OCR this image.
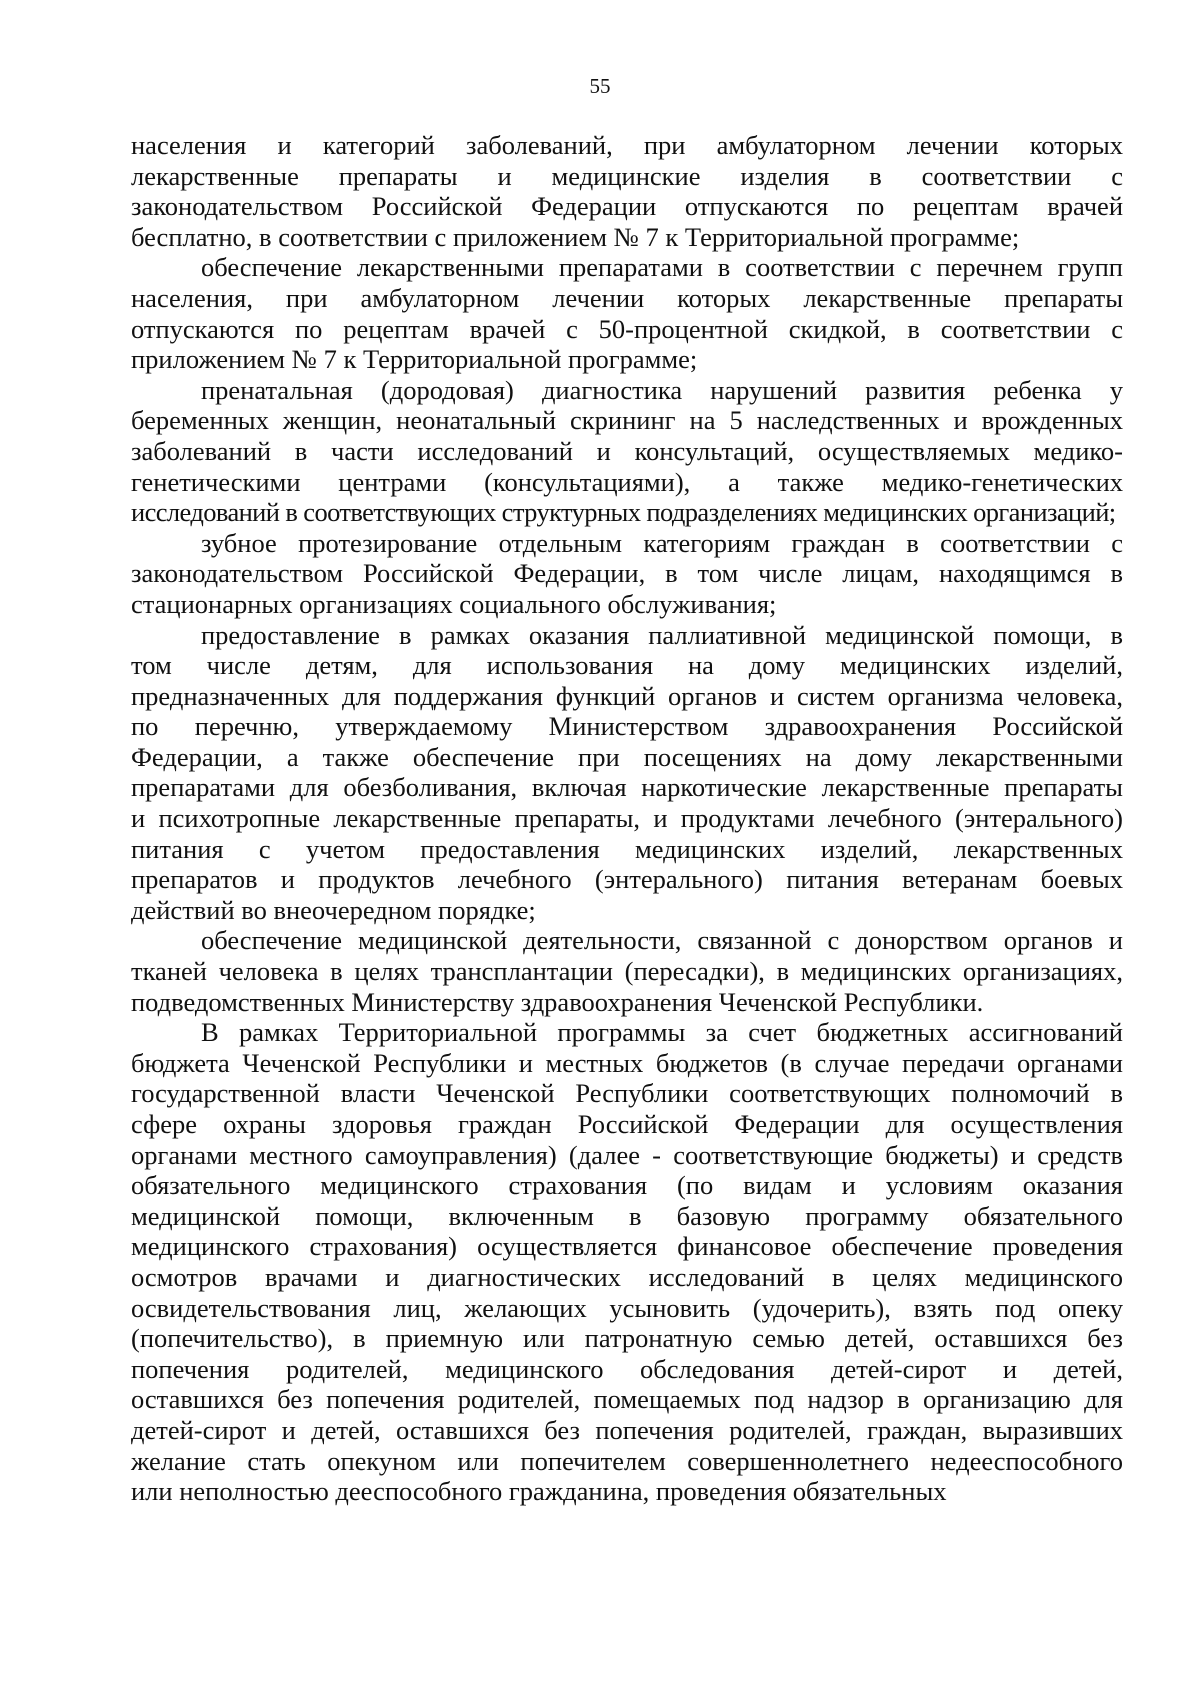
55
населения и категорий заболеваний, при амбулаторном лечении которых
лекарственные препараты и медицинские изделия в соответствии с
законодательством Российской Федерации отпускаются по рецептам врачей
бесплатно, в соответствии с приложением № 7 к Территориальной программе;
обеспечение лекарственными препаратами в соответствии с перечнем групп
населения, при амбулаторном лечении которых лекарственные препараты
отпускаются по рецептам врачей с 50-процентной скидкой, в соответствии с
приложением № 7 к Территориальной программе;
пренатальная (дородовая) диагностика нарушений развития ребенка у
беременных женщин, неонатальный скрининг на 5 наследственных и врожденных
заболеваний в части исследований и консультаций, осуществляемых медико-
генетическими центрами (консультациями), а также медико-генетических
исследований в соответствующих структурных подразделениях медицинских организаций;
зубное протезирование отдельным категориям граждан в соответствии с
законодательством Российской Федерации, в том числе лицам, находящимся в
стационарных организациях социального обслуживания;
предоставление в рамках оказания паллиативной медицинской помощи, в
том числе детям, для использования на дому медицинских изделий,
предназначенных для поддержания функций органов и систем организма человека,
по перечню, утверждаемому Министерством здравоохранения Российской
Федерации, а также обеспечение при посещениях на дому лекарственными
препаратами для обезболивания, включая наркотические лекарственные препараты
и психотропные лекарственные препараты, и продуктами лечебного (энтерального)
питания с учетом предоставления медицинских изделий, лекарственных
препаратов и продуктов лечебного (энтерального) питания ветеранам боевых
действий во внеочередном порядке;
обеспечение медицинской деятельности, связанной с донорством органов и
тканей человека в целях трансплантации (пересадки), в медицинских организациях,
подведомственных Министерству здравоохранения Чеченской Республики.
В рамках Территориальной программы за счет бюджетных ассигнований
бюджета Чеченской Республики и местных бюджетов (в случае передачи органами
государственной власти Чеченской Республики соответствующих полномочий в
сфере охраны здоровья граждан Российской Федерации для осуществления
органами местного самоуправления) (далее - соответствующие бюджеты) и средств
обязательного медицинского страхования (по видам и условиям оказания
медицинской помощи, включенным в базовую программу обязательного
медицинского страхования) осуществляется финансовое обеспечение проведения
осмотров врачами и диагностических исследований в целях медицинского
освидетельствования лиц, желающих усыновить (удочерить), взять под опеку
(попечительство), в приемную или патронатную семью детей, оставшихся без
попечения родителей, медицинского обследования детей-сирот и детей,
оставшихся без попечения родителей, помещаемых под надзор в организацию для
детей-сирот и детей, оставшихся без попечения родителей, граждан, выразивших
желание стать опекуном или попечителем совершеннолетнего недееспособного
или неполностью дееспособного гражданина, проведения обязательных
